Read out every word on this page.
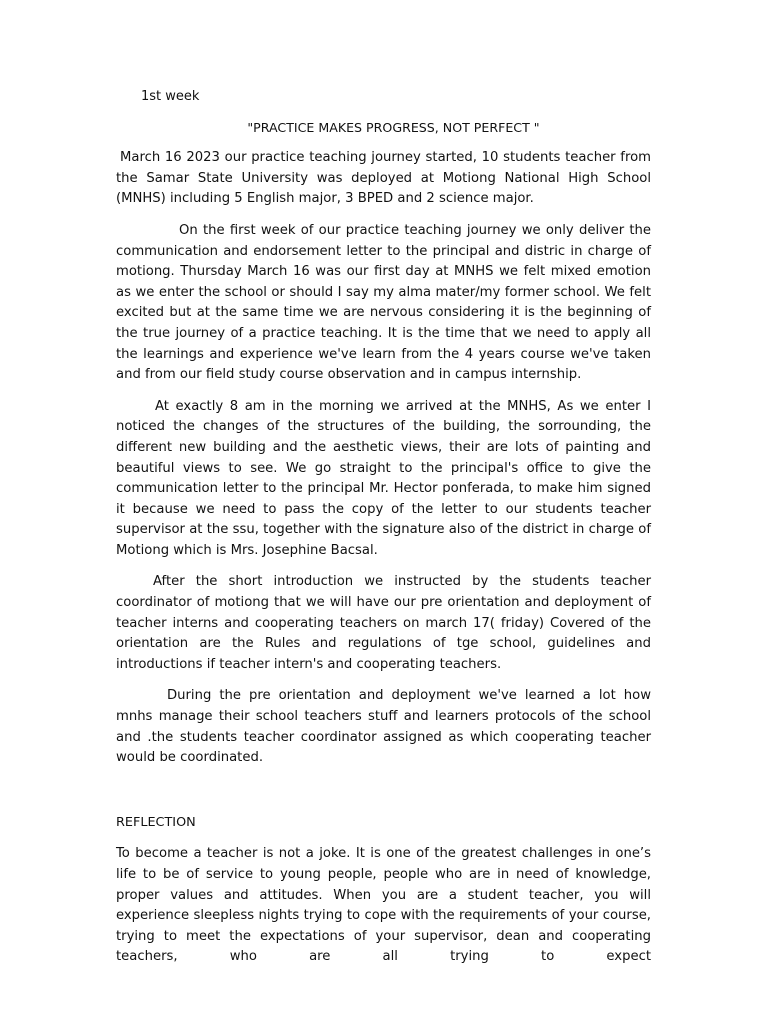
1st week
"PRACTICE MAKES PROGRESS, NOT PERFECT "

March 16 2023 our practice teaching journey started, 10 students teacher from the Samar State University was deployed at Motiong National High School (MNHS) including 5 English major, 3 BPED and 2 science major.

On the first week of our practice teaching journey we only deliver the communication and endorsement letter to the principal and distric in charge of motiong. Thursday March 16 was our first day at MNHS we felt mixed emotion as we enter the school or should I say my alma mater/my former school. We felt excited but at the same time we are nervous considering it is the beginning of the true journey of a practice teaching. It is the time that we need to apply all the learnings and experience we've learn from the 4 years course we've taken and from our field study course observation and in campus internship.

At exactly 8 am in the morning we arrived at the MNHS, As we enter I noticed the changes of the structures of the building, the sorrounding, the different new building and the aesthetic views, their are lots of painting and beautiful views to see. We go straight to the principal's office to give the communication letter to the principal Mr. Hector ponferada, to make him signed it because we need to pass the copy of the letter to our students teacher supervisor at the ssu, together with the signature also of the district in charge of Motiong which is Mrs. Josephine Bacsal.

After the short introduction we instructed by the students teacher coordinator of motiong that we will have our pre orientation and deployment of teacher interns and cooperating teachers on march 17( friday) Covered of the orientation are the Rules and regulations of tge school, guidelines and introductions if teacher intern's and cooperating teachers.

During the pre orientation and deployment we've learned a lot how mnhs manage their school teachers stuff and learners protocols of the school and .the students teacher coordinator assigned as which cooperating teacher would be coordinated.

REFLECTION

To become a teacher is not a joke. It is one of the greatest challenges in one’s life to be of service to young people, people who are in need of knowledge, proper values and attitudes. When you are a student teacher, you will experience sleepless nights trying to cope with the requirements of your course, trying to meet the expectations of your supervisor, dean and cooperating teachers, who are all trying to expect
